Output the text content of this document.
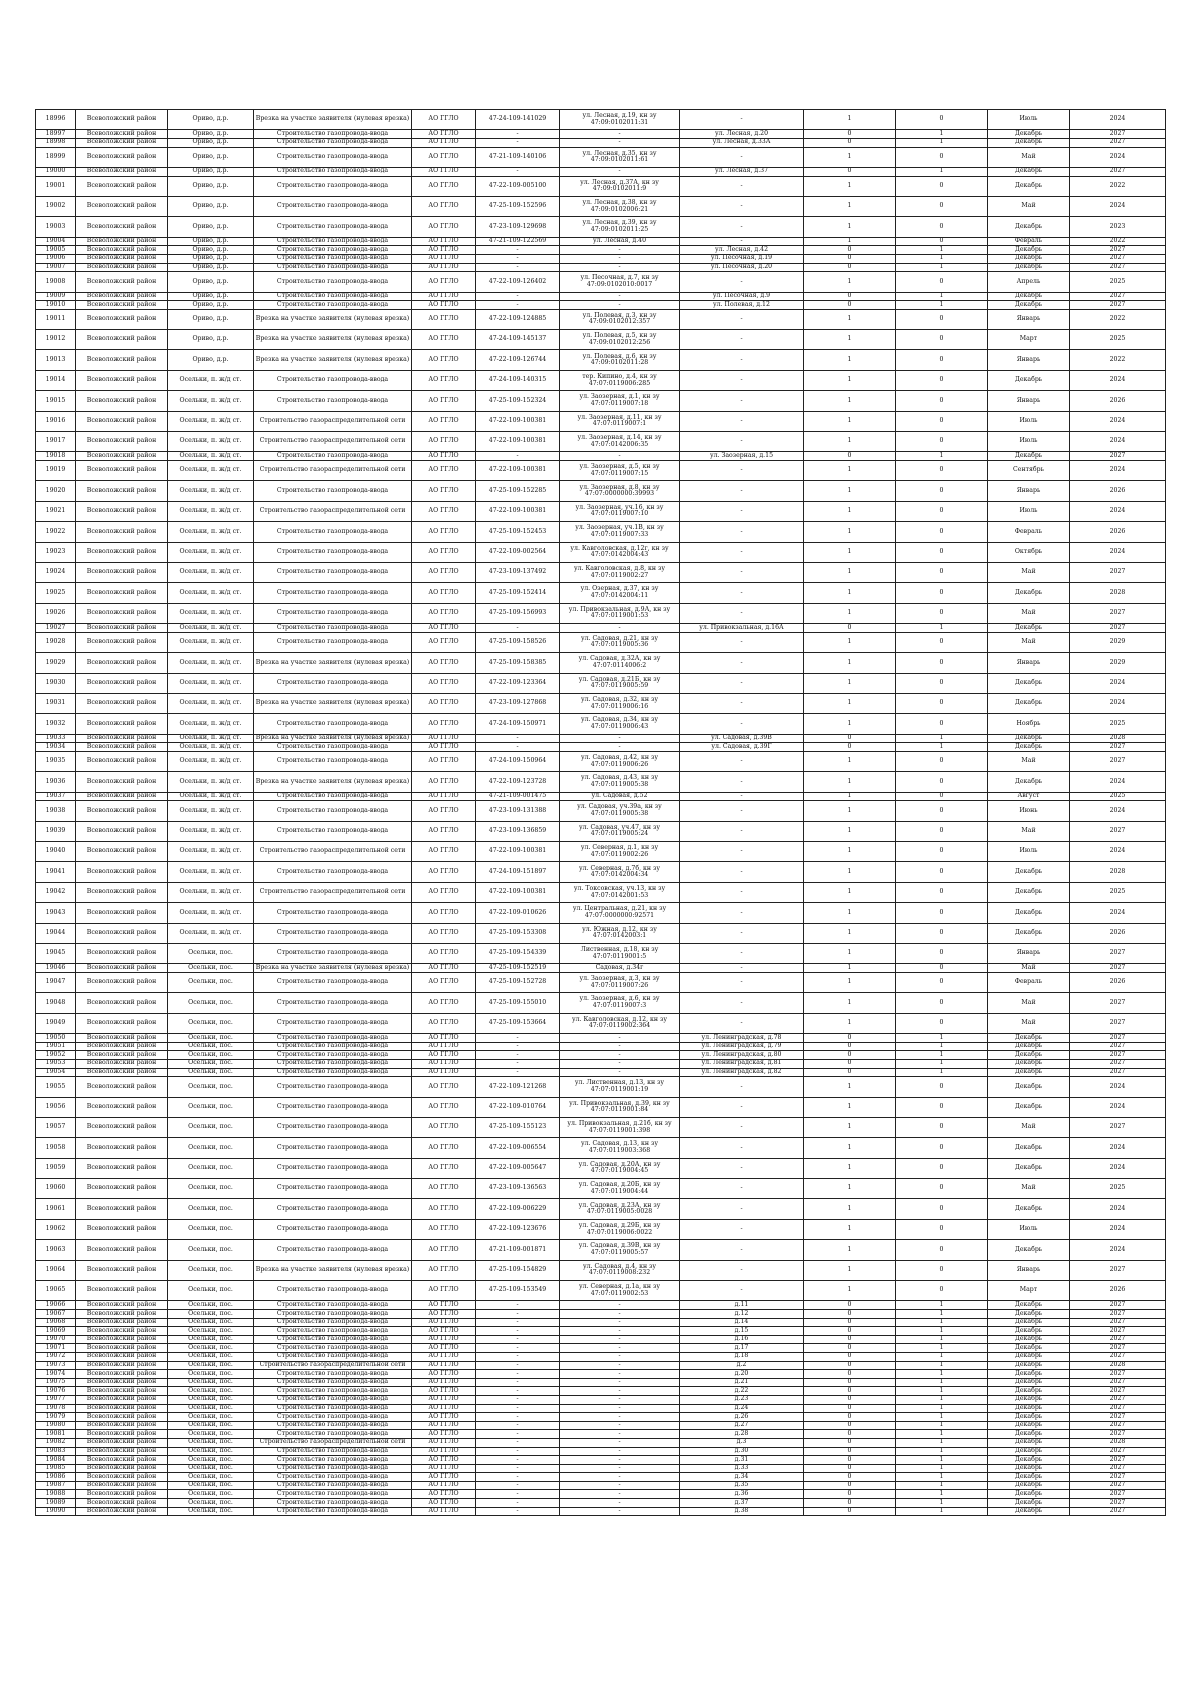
18996	Всеволожский район	Ориво, д.р.	Врезка на участке заявителя (нулевая врезка)	АО ГГЛО	47-24-109-141029	ул. Лесная, д.19, кн зу 47:09:0102011:31	-	1	0	Июль	2024
18997	Всеволожский район	Ориво, д.р.	Строительство газопровода-ввода	АО ГГЛО	-	-	ул. Лесная, д.20	0	1	Декабрь	2027
18998	Всеволожский район	Ориво, д.р.	Строительство газопровода-ввода	АО ГГЛО	-	-	ул. Лесная, д.33А	0	1	Декабрь	2027
18999	Всеволожский район	Ориво, д.р.	Строительство газопровода-ввода	АО ГГЛО	47-21-109-140106	ул. Лесная, д.35, кн зу 47:09:0102011:61	-	1	0	Май	2024
19000	Всеволожский район	Ориво, д.р.	Строительство газопровода-ввода	АО ГГЛО	-	-	ул. Лесная, д.37	0	1	Декабрь	2027
19001	Всеволожский район	Ориво, д.р.	Строительство газопровода-ввода	АО ГГЛО	47-22-109-005100	ул. Лесная, д.37А, кн зу 47:09:0102011:9	-	1	0	Декабрь	2022
19002	Всеволожский район	Ориво, д.р.	Строительство газопровода-ввода	АО ГГЛО	47-25-109-152596	ул. Лесная, д.38, кн зу 47:09:0102006:21	-	1	0	Май	2024
19003	Всеволожский район	Ориво, д.р.	Строительство газопровода-ввода	АО ГГЛО	47-23-109-129698	ул. Лесная, д.39, кн зу 47:09:0102011:25	-	1	0	Декабрь	2023
19004	Всеволожский район	Ориво, д.р.	Строительство газопровода-ввода	АО ГГЛО	47-21-109-122569	ул. Лесная, д.40	-	1	0	Февраль	2022
19005	Всеволожский район	Ориво, д.р.	Строительство газопровода-ввода	АО ГГЛО	-	-	ул. Лесная, д.42	0	1	Декабрь	2027
19006	Всеволожский район	Ориво, д.р.	Строительство газопровода-ввода	АО ГГЛО	-	-	ул. Песочная, д.19	0	1	Декабрь	2027
19007	Всеволожский район	Ориво, д.р.	Строительство газопровода-ввода	АО ГГЛО	-	-	ул. Песочная, д.20	0	1	Декабрь	2027
19008	Всеволожский район	Ориво, д.р.	Строительство газопровода-ввода	АО ГГЛО	47-22-109-126402	ул. Песочная, д.7, кн зу 47:09:0102010:0017	-	1	0	Апрель	2025
19009	Всеволожский район	Ориво, д.р.	Строительство газопровода-ввода	АО ГГЛО	-	-	ул. Песочная, д.9	0	1	Декабрь	2027
19010	Всеволожский район	Ориво, д.р.	Строительство газопровода-ввода	АО ГГЛО	-	-	ул. Полевая, д.12	0	1	Декабрь	2027
19011	Всеволожский район	Ориво, д.р.	Врезка на участке заявителя (нулевая врезка)	АО ГГЛО	47-22-109-124885	ул. Полевая, д.3, кн зу 47:09:0102012:357	-	1	0	Январь	2022
19012	Всеволожский район	Ориво, д.р.	Врезка на участке заявителя (нулевая врезка)	АО ГГЛО	47-24-109-145137	ул. Полевая, д.5, кн зу 47:09:0102012:256	-	1	0	Март	2025
19013	Всеволожский район	Ориво, д.р.	Врезка на участке заявителя (нулевая врезка)	АО ГГЛО	47-22-109-126744	ул. Полевая, д.6, кн зу 47:09:0102011:28	-	1	0	Январь	2022
19014	Всеволожский район	Осельки, п. ж/д ст.	Строительство газопровода-ввода	АО ГГЛО	47-24-109-140315	тер. Кипино, д.4, кн зу 47:07:0119006:285	-	1	0	Декабрь	2024
19015	Всеволожский район	Осельки, п. ж/д ст.	Строительство газопровода-ввода	АО ГГЛО	47-25-109-152324	ул. Заозерная, д.1, кн зу 47:07:0119007:18	-	1	0	Январь	2026
19016	Всеволожский район	Осельки, п. ж/д ст.	Строительство газораспределительной сети	АО ГГЛО	47-22-109-100381	ул. Заозерная, д.11, кн зу 47:07:0119007:1	-	1	0	Июль	2024
19017	Всеволожский район	Осельки, п. ж/д ст.	Строительство газораспределительной сети	АО ГГЛО	47-22-109-100381	ул. Заозерная, д.14, кн зу 47:07:0142006:35	-	1	0	Июль	2024
19018	Всеволожский район	Осельки, п. ж/д ст.	Строительство газопровода-ввода	АО ГГЛО	-	-	ул. Заозерная, д.15	0	1	Декабрь	2027
19019	Всеволожский район	Осельки, п. ж/д ст.	Строительство газораспределительной сети	АО ГГЛО	47-22-109-100381	ул. Заозерная, д.5, кн зу 47:07:0119007:15	-	1	0	Сентябрь	2024
19020	Всеволожский район	Осельки, п. ж/д ст.	Строительство газопровода-ввода	АО ГГЛО	47-25-109-152285	ул. Заозерная, д.8, кн зу 47:07:0000000:39993	-	1	0	Январь	2026
19021	Всеволожский район	Осельки, п. ж/д ст.	Строительство газораспределительной сети	АО ГГЛО	47-22-109-100381	ул. Заозерная, уч.16, кн зу 47:07:0119007:10	-	1	0	Июль	2024
19022	Всеволожский район	Осельки, п. ж/д ст.	Строительство газопровода-ввода	АО ГГЛО	47-25-109-152453	ул. Заозерная, уч.1В, кн зу 47:07:0119007:33	-	1	0	Февраль	2026
19023	Всеволожский район	Осельки, п. ж/д ст.	Строительство газопровода-ввода	АО ГГЛО	47-22-109-002564	ул. Кавголовская, д.12г, кн зу 47:07:0142004:43	-	1	0	Октябрь	2024
19024	Всеволожский район	Осельки, п. ж/д ст.	Строительство газопровода-ввода	АО ГГЛО	47-23-109-137492	ул. Кавголовская, д.8, кн зу 47:07:0119002:27	-	1	0	Май	2027
19025	Всеволожский район	Осельки, п. ж/д ст.	Строительство газопровода-ввода	АО ГГЛО	47-25-109-152414	ул. Озерная, д.37, кн зу 47:07:0142004:11	-	1	0	Декабрь	2028
19026	Всеволожский район	Осельки, п. ж/д ст.	Строительство газопровода-ввода	АО ГГЛО	47-25-109-156993	ул. Привокзальная, д.9А, кн зу 47:07:0119001:53	-	1	0	Май	2027
19027	Всеволожский район	Осельки, п. ж/д ст.	Строительство газопровода-ввода	АО ГГЛО	-	-	ул. Привокзальная, д.16А	0	1	Декабрь	2027
19028	Всеволожский район	Осельки, п. ж/д ст.	Строительство газопровода-ввода	АО ГГЛО	47-25-109-158526	ул. Садовая, д.21, кн зу 47:07:0119005:36	-	1	0	Май	2029
19029	Всеволожский район	Осельки, п. ж/д ст.	Врезка на участке заявителя (нулевая врезка)	АО ГГЛО	47-25-109-158385	ул. Садовая, д.32А, кн зу 47:07:0114006:2	-	1	0	Январь	2029
19030	Всеволожский район	Осельки, п. ж/д ст.	Строительство газопровода-ввода	АО ГГЛО	47-22-109-123364	ул. Садовая, д.21Б, кн зу 47:07:0119005:59	-	1	0	Декабрь	2024
19031	Всеволожский район	Осельки, п. ж/д ст.	Врезка на участке заявителя (нулевая врезка)	АО ГГЛО	47-23-109-127868	ул. Садовая, д.32, кн зу 47:07:0119006:16	-	1	0	Декабрь	2024
19032	Всеволожский район	Осельки, п. ж/д ст.	Строительство газопровода-ввода	АО ГГЛО	47-24-109-150971	ул. Садовая, д.34, кн зу 47:07:0119006:43	-	1	0	Ноябрь	2025
19033	Всеволожский район	Осельки, п. ж/д ст.	Врезка на участке заявителя (нулевая врезка)	АО ГГЛО	-	-	ул. Садовая, д.39В	0	1	Декабрь	2028
19034	Всеволожский район	Осельки, п. ж/д ст.	Строительство газопровода-ввода	АО ГГЛО	-	-	ул. Садовая, д.39Г	0	1	Декабрь	2027
19035	Всеволожский район	Осельки, п. ж/д ст.	Строительство газопровода-ввода	АО ГГЛО	47-24-109-150964	ул. Садовая, д.42, кн зу 47:07:0119006:26	-	1	0	Май	2027
19036	Всеволожский район	Осельки, п. ж/д ст.	Врезка на участке заявителя (нулевая врезка)	АО ГГЛО	47-22-109-123728	ул. Садовая, д.43, кн зу 47:07:0119005:38	-	1	0	Декабрь	2024
19037	Всеволожский район	Осельки, п. ж/д ст.	Строительство газопровода-ввода	АО ГГЛО	47-21-109-001475	ул. Садовая, д.52	-	1	0	Август	2025
19038	Всеволожский район	Осельки, п. ж/д ст.	Строительство газопровода-ввода	АО ГГЛО	47-23-109-131388	ул. Садовая, уч.39а, кн зу 47:07:0119005:38	-	1	0	Июнь	2024
19039	Всеволожский район	Осельки, п. ж/д ст.	Строительство газопровода-ввода	АО ГГЛО	47-23-109-136859	ул. Садовая, уч.47, кн зу 47:07:0119005:24	-	1	0	Май	2027
19040	Всеволожский район	Осельки, п. ж/д ст.	Строительство газораспределительной сети	АО ГГЛО	47-22-109-100381	ул. Северная, д.1, кн зу 47:07:0119002:26	-	1	0	Июль	2024
19041	Всеволожский район	Осельки, п. ж/д ст.	Строительство газопровода-ввода	АО ГГЛО	47-24-109-151897	ул. Северная, д.7б, кн зу 47:07:0142004:34	-	1	0	Декабрь	2028
19042	Всеволожский район	Осельки, п. ж/д ст.	Строительство газораспределительной сети	АО ГГЛО	47-22-109-100381	ул. Токсовская, уч.13, кн зу 47:07:0142001:53	-	1	0	Декабрь	2025
19043	Всеволожский район	Осельки, п. ж/д ст.	Строительство газопровода-ввода	АО ГГЛО	47-22-109-010626	ул. Центральная, д.21, кн зу 47:07:0000000:92571	-	1	0	Декабрь	2024
19044	Всеволожский район	Осельки, п. ж/д ст.	Строительство газопровода-ввода	АО ГГЛО	47-25-109-153308	ул. Южная, д.12, кн зу 47:07:0142003:1	-	1	0	Декабрь	2026
19045	Всеволожский район	Осельки, пос.	Строительство газопровода-ввода	АО ГГЛО	47-25-109-154339	Лиственная, д.18, кн зу 47:07:0119001:5	-	1	0	Январь	2027
19046	Всеволожский район	Осельки, пос.	Врезка на участке заявителя (нулевая врезка)	АО ГГЛО	47-25-109-152519	Садовая, д.34г	-	1	0	Май	2027
19047	Всеволожский район	Осельки, пос.	Строительство газопровода-ввода	АО ГГЛО	47-25-109-152728	ул. Заозерная, д.3, кн зу 47:07:0119007:26	-	1	0	Февраль	2026
19048	Всеволожский район	Осельки, пос.	Строительство газопровода-ввода	АО ГГЛО	47-25-109-155010	ул. Заозерная, д.6, кн зу 47:07:0119007:3	-	1	0	Май	2027
19049	Всеволожский район	Осельки, пос.	Строительство газопровода-ввода	АО ГГЛО	47-25-109-153664	ул. Кавголовская, д.12, кн зу 47:07:0119002:364	-	1	0	Май	2027
19050	Всеволожский район	Осельки, пос.	Строительство газопровода-ввода	АО ГГЛО	-	-	ул. Ленинградская, д.78	0	1	Декабрь	2027
19051	Всеволожский район	Осельки, пос.	Строительство газопровода-ввода	АО ГГЛО	-	-	ул. Ленинградская, д.79	0	1	Декабрь	2027
19052	Всеволожский район	Осельки, пос.	Строительство газопровода-ввода	АО ГГЛО	-	-	ул. Ленинградская, д.80	0	1	Декабрь	2027
19053	Всеволожский район	Осельки, пос.	Строительство газопровода-ввода	АО ГГЛО	-	-	ул. Ленинградская, д.81	0	1	Декабрь	2027
19054	Всеволожский район	Осельки, пос.	Строительство газопровода-ввода	АО ГГЛО	-	-	ул. Ленинградская, д.82	0	1	Декабрь	2027
19055	Всеволожский район	Осельки, пос.	Строительство газопровода-ввода	АО ГГЛО	47-22-109-121268	ул. Лиственная, д.13, кн зу 47:07:0119001:19	-	1	0	Декабрь	2024
19056	Всеволожский район	Осельки, пос.	Строительство газопровода-ввода	АО ГГЛО	47-22-109-010764	ул. Привокзальная, д.39, кн зу 47:07:0119001:84	-	1	0	Декабрь	2024
19057	Всеволожский район	Осельки, пос.	Строительство газопровода-ввода	АО ГГЛО	47-25-109-155123	ул. Привокзальная, д.21б, кн зу 47:07:0119001:398	-	1	0	Май	2027
19058	Всеволожский район	Осельки, пос.	Строительство газопровода-ввода	АО ГГЛО	47-22-109-006554	ул. Садовая, д.13, кн зу 47:07:0119003:368	-	1	0	Декабрь	2024
19059	Всеволожский район	Осельки, пос.	Строительство газопровода-ввода	АО ГГЛО	47-22-109-005647	ул. Садовая, д.20А, кн зу 47:07:0119004:45	-	1	0	Декабрь	2024
19060	Всеволожский район	Осельки, пос.	Строительство газопровода-ввода	АО ГГЛО	47-23-109-136563	ул. Садовая, д.20Б, кн зу 47:07:0119004:44	-	1	0	Май	2025
19061	Всеволожский район	Осельки, пос.	Строительство газопровода-ввода	АО ГГЛО	47-22-109-006229	ул. Садовая, д.23А, кн зу 47:07:0119005:0028	-	1	0	Декабрь	2024
19062	Всеволожский район	Осельки, пос.	Строительство газопровода-ввода	АО ГГЛО	47-22-109-123676	ул. Садовая, д.29Б, кн зу 47:07:0119006:0022	-	1	0	Июль	2024
19063	Всеволожский район	Осельки, пос.	Строительство газопровода-ввода	АО ГГЛО	47-21-109-001871	ул. Садовая, д.39В, кн зу 47:07:0119005:57	-	1	0	Декабрь	2024
19064	Всеволожский район	Осельки, пос.	Врезка на участке заявителя (нулевая врезка)	АО ГГЛО	47-25-109-154829	ул. Садовая, д.4, кн зу 47:07:0119008:232	-	1	0	Январь	2027
19065	Всеволожский район	Осельки, пос.	Строительство газопровода-ввода	АО ГГЛО	47-25-109-153549	ул. Северная, д.1а, кн зу 47:07:0119002:53	-	1	0	Март	2026
19066	Всеволожский район	Осельки, пос.	Строительство газопровода-ввода	АО ГГЛО	-	-	д.11	0	1	Декабрь	2027
19067	Всеволожский район	Осельки, пос.	Строительство газопровода-ввода	АО ГГЛО	-	-	д.12	0	1	Декабрь	2027
19068	Всеволожский район	Осельки, пос.	Строительство газопровода-ввода	АО ГГЛО	-	-	д.14	0	1	Декабрь	2027
19069	Всеволожский район	Осельки, пос.	Строительство газопровода-ввода	АО ГГЛО	-	-	д.15	0	1	Декабрь	2027
19070	Всеволожский район	Осельки, пос.	Строительство газопровода-ввода	АО ГГЛО	-	-	д.16	0	1	Декабрь	2027
19071	Всеволожский район	Осельки, пос.	Строительство газопровода-ввода	АО ГГЛО	-	-	д.17	0	1	Декабрь	2027
19072	Всеволожский район	Осельки, пос.	Строительство газопровода-ввода	АО ГГЛО	-	-	д.18	0	1	Декабрь	2027
19073	Всеволожский район	Осельки, пос.	Строительство газораспределительной сети	АО ГГЛО	-	-	д.2	0	1	Декабрь	2028
19074	Всеволожский район	Осельки, пос.	Строительство газопровода-ввода	АО ГГЛО	-	-	д.20	0	1	Декабрь	2027
19075	Всеволожский район	Осельки, пос.	Строительство газопровода-ввода	АО ГГЛО	-	-	д.21	0	1	Декабрь	2027
19076	Всеволожский район	Осельки, пос.	Строительство газопровода-ввода	АО ГГЛО	-	-	д.22	0	1	Декабрь	2027
19077	Всеволожский район	Осельки, пос.	Строительство газопровода-ввода	АО ГГЛО	-	-	д.23	0	1	Декабрь	2027
19078	Всеволожский район	Осельки, пос.	Строительство газопровода-ввода	АО ГГЛО	-	-	д.24	0	1	Декабрь	2027
19079	Всеволожский район	Осельки, пос.	Строительство газопровода-ввода	АО ГГЛО	-	-	д.26	0	1	Декабрь	2027
19080	Всеволожский район	Осельки, пос.	Строительство газопровода-ввода	АО ГГЛО	-	-	д.27	0	1	Декабрь	2027
19081	Всеволожский район	Осельки, пос.	Строительство газопровода-ввода	АО ГГЛО	-	-	д.28	0	1	Декабрь	2027
19082	Всеволожский район	Осельки, пос.	Строительство газораспределительной сети	АО ГГЛО	-	-	д.3	0	1	Декабрь	2028
19083	Всеволожский район	Осельки, пос.	Строительство газопровода-ввода	АО ГГЛО	-	-	д.30	0	1	Декабрь	2027
19084	Всеволожский район	Осельки, пос.	Строительство газопровода-ввода	АО ГГЛО	-	-	д.31	0	1	Декабрь	2027
19085	Всеволожский район	Осельки, пос.	Строительство газопровода-ввода	АО ГГЛО	-	-	д.33	0	1	Декабрь	2027
19086	Всеволожский район	Осельки, пос.	Строительство газопровода-ввода	АО ГГЛО	-	-	д.34	0	1	Декабрь	2027
19087	Всеволожский район	Осельки, пос.	Строительство газопровода-ввода	АО ГГЛО	-	-	д.35	0	1	Декабрь	2027
19088	Всеволожский район	Осельки, пос.	Строительство газопровода-ввода	АО ГГЛО	-	-	д.36	0	1	Декабрь	2027
19089	Всеволожский район	Осельки, пос.	Строительство газопровода-ввода	АО ГГЛО	-	-	д.37	0	1	Декабрь	2027
19090	Всеволожский район	Осельки, пос.	Строительство газопровода-ввода	АО ГГЛО	-	-	д.38	0	1	Декабрь	2027
